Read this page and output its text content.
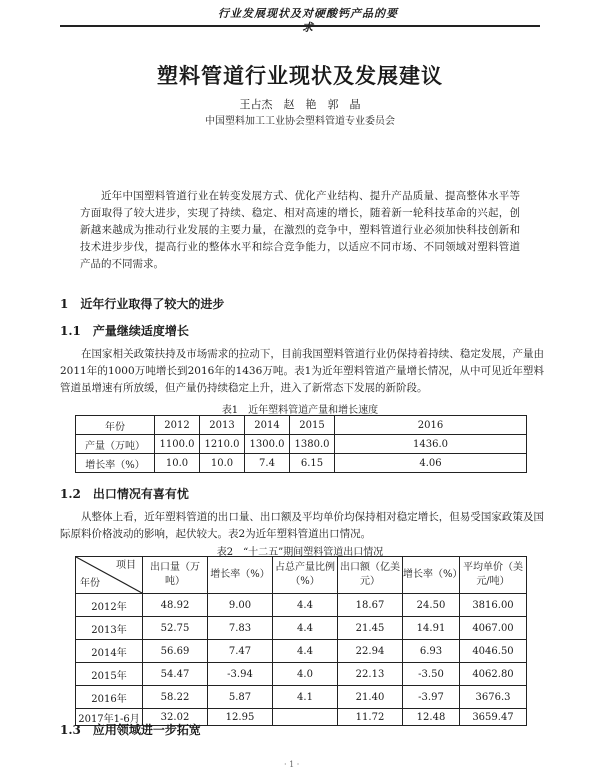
行业发展现状及对硬酸钙产品的要求
塑料管道行业现状及发展建议
王占杰　赵　艳　郭　晶
中国塑料加工工业协会塑料管道专业委员会

近年中国塑料管道行业在转变发展方式、优化产业结构、提升产品质量、提高整体水平等方面取得了较大进步，实现了持续、稳定、相对高速的增长，随着新一轮科技革命的兴起，创新越来越成为推动行业发展的主要力量，在激烈的竞争中，塑料管道行业必须加快科技创新和技术进步步伐，提高行业的整体水平和综合竞争能力，以适应不同市场、不同领域对塑料管道产品的不同需求。

1　近年行业取得了较大的进步
1.1　产量继续适度增长

在国家相关政策扶持及市场需求的拉动下，目前我国塑料管道行业仍保持着持续、稳定发展，产量由2011年的1000万吨增长到2016年的1436万吨。表1为近年塑料管道产量增长情况，从中可见近年塑料管道虽增速有所放缓，但产量仍持续稳定上升，进入了新常态下发展的新阶段。

表1　近年塑料管道产量和增长速度
年份	2012	2013	2014	2015	2016
产量（万吨）	1100.0	1210.0	1300.0	1380.0	1436.0
增长率（%）	10.0	10.0	7.4	6.15	4.06
1.2　出口情况有喜有忧

从整体上看，近年塑料管道的出口量、出口额及平均单价均保持相对稳定增长，但易受国家政策及国际原料价格波动的影响，起伏较大。表2为近年塑料管道出口情况。

表2　“十二五”期间塑料管道出口情况
项目
年份	出口量（万吨）	增长率（%）	占总产量比例（%）	出口额（亿美元）	增长率（%）	平均单价（美元/吨）
2012年	48.92	9.00	4.4	18.67	24.50	3816.00
2013年	52.75	7.83	4.4	21.45	14.91	4067.00
2014年	56.69	7.47	4.4	22.94	6.93	4046.50
2015年	54.47	-3.94	4.0	22.13	-3.50	4062.80
2016年	58.22	5.87	4.1	21.40	-3.97	3676.3
2017年1-6月	32.02	12.95		11.72	12.48	3659.47
1.3　应用领域进一步拓宽
· 1 ·
